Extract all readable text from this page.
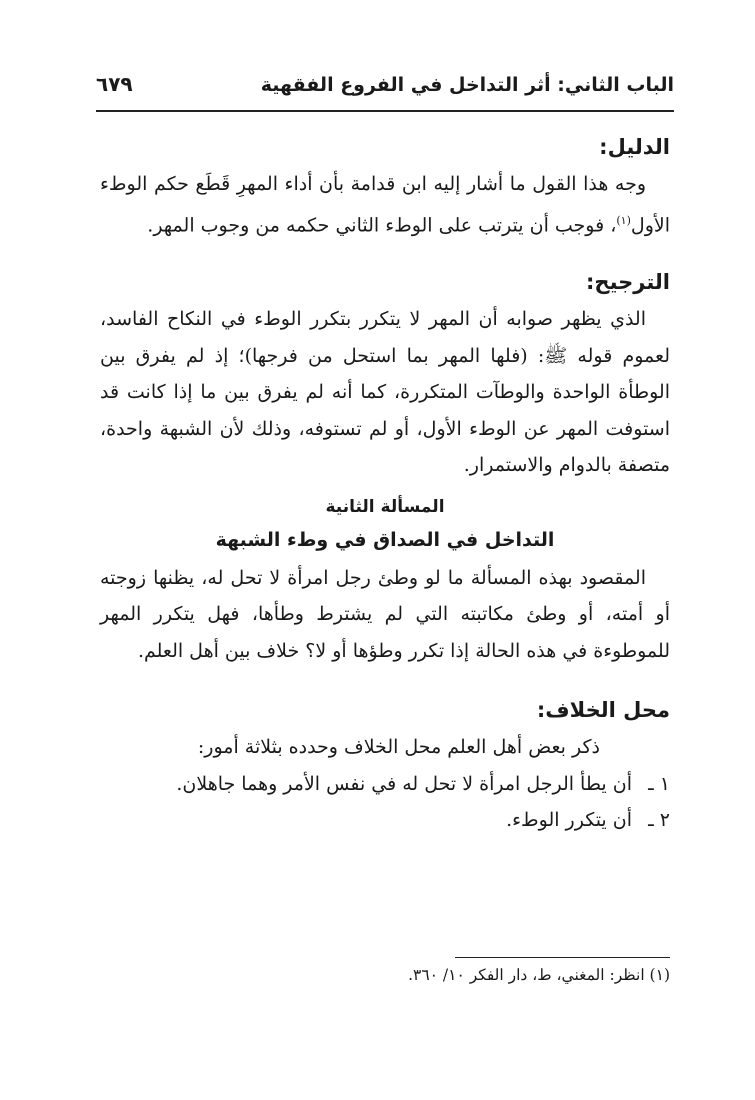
الباب الثاني: أثر التداخل في الفروع الفقهية
٦٧٩

الدليل:

وجه هذا القول ما أشار إليه ابن قدامة بأن أداء المهرِ قَطَع حكم الوطء الأول$^{(١)}$، فوجب أن يترتب على الوطء الثاني حكمه من وجوب المهر.

الترجيح:

الذي يظهر صوابه أن المهر لا يتكرر بتكرر الوطء في النكاح الفاسد، لعموم قوله ﷺ: (فلها المهر بما استحل من فرجها)؛ إذ لم يفرق بين الوطأة الواحدة والوطآت المتكررة، كما أنه لم يفرق بين ما إذا كانت قد استوفت المهر عن الوطء الأول، أو لم تستوفه، وذلك لأن الشبهة واحدة، متصفة بالدوام والاستمرار.

المسألة الثانية

التداخل في الصداق في وطء الشبهة

المقصود بهذه المسألة ما لو وطئ رجل امرأة لا تحل له، يظنها زوجته أو أمته، أو وطئ مكاتبته التي لم يشترط وطأها، فهل يتكرر المهر للموطوءة في هذه الحالة إذا تكرر وطؤها أو لا؟ خلاف بين أهل العلم.

محل الخلاف:

ذكر بعض أهل العلم محل الخلاف وحدده بثلاثة أمور:

١ ـأن يطأ الرجل امرأة لا تحل له في نفس الأمر وهما جاهلان.

٢ ـأن يتكرر الوطء.

(١) انظر: المغني، ط، دار الفكر ١٠/ ٣٦٠.
